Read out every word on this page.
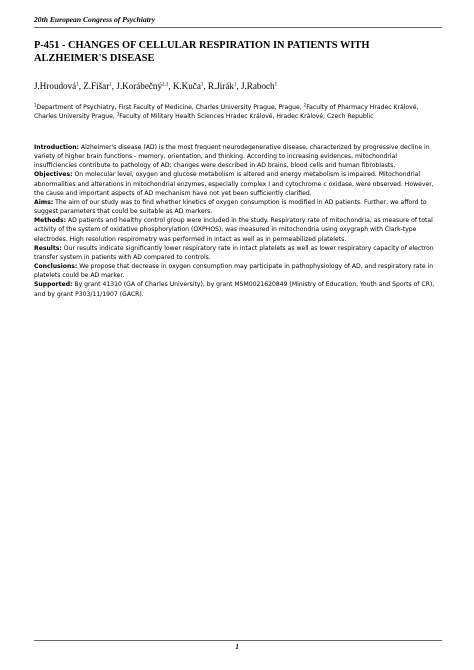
20th European Congress of Psychiatry
P-451 - CHANGES OF CELLULAR RESPIRATION IN PATIENTS WITH ALZHEIMER'S DISEASE
J.Hroudová$^1$, Z.Fišar$^1$, J.Korábečný$^{2,3}$, K.Kuča$^3$, R.Jirák$^1$, J.Raboch$^1$
$^1$Department of Psychiatry, First Faculty of Medicine, Charles University Prague, Prague, $^2$Faculty of Pharmacy Hradec Králové, Charles University Prague, $^3$Faculty of Military Health Sciences Hradec Králové, Hradec Králové, Czech Republic

Introduction: Alzheimer's disease (AD) is the most frequent neurodegenerative disease, characterized by progressive decline in variety of higher brain functions - memory, orientation, and thinking. According to increasing evidences, mitochondrial insufficiencies contribute to pathology of AD; changes were described in AD brains, blood cells and human fibroblasts.

Objectives: On molecular level, oxygen and glucose metabolism is altered and energy metabolism is impaired. Mitochondrial abnormalities and alterations in mitochondrial enzymes, especially complex I and cytochrome c oxidase, were observed. However, the cause and important aspects of AD mechanism have not yet been sufficiently clarified.

Aims: The aim of our study was to find whether kinetics of oxygen consumption is modified in AD patients. Further, we afford to suggest parameters that could be suitable as AD markers.

Methods: AD patients and healthy control group were included in the study. Respiratory rate of mitochondria, as measure of total activity of the system of oxidative phosphorylation (OXPHOS), was measured in mitochondria using oxygraph with Clark-type electrodes. High resolution respirometry was performed in intact as well as in permeabilized platelets.

Results: Our results indicate significantly lower respiratory rate in intact platelets as well as lower respiratory capacity of electron transfer system in patients with AD compared to controls.

Conclusions: We propose that decrease in oxygen consumption may participate in pathophysiology of AD, and respiratory rate in platelets could be AD marker.

Supported: By grant 41310 (GA of Charles University), by grant MSM0021620849 (Ministry of Education, Youth and Sports of CR), and by grant P303/11/1907 (GACR).

1
